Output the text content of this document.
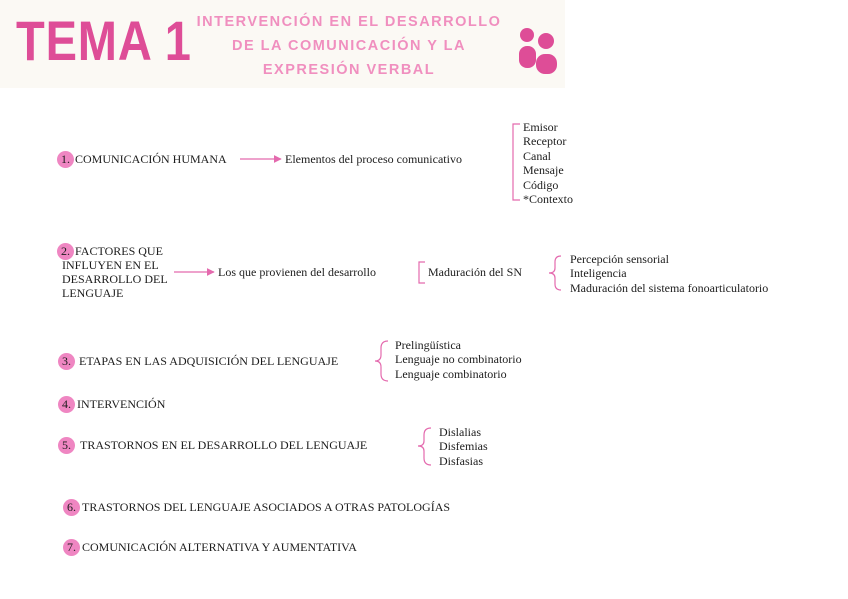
TEMA 1 INTERVENCIÓN EN EL DESARROLLO
DE LA COMUNICACIÓN Y LA
EXPRESIÓN VERBAL
1. COMUNICACIÓN HUMANA	Elementos del proceso comunicativo
Emisor
Receptor
Canal
Mensaje
Código
*Contexto
2. FACTORES QUE
INFLUYEN EN EL
DESARROLLO DEL
LENGUAJE
Los que provienen del desarrollo	Maduración del SN
Percepción sensorial
Inteligencia
Maduración del sistema fonoarticulatorio
3. ETAPAS EN LAS ADQUISICIÓN DEL LENGUAJE
Prelingüística
Lenguaje no combinatorio
Lenguaje combinatorio
4. INTERVENCIÓN
5. TRASTORNOS EN EL DESARROLLO DEL LENGUAJE
Dislalias
Disfemias
Disfasias
6. TRASTORNOS DEL LENGUAJE ASOCIADOS A OTRAS PATOLOGÍAS
7. COMUNICACIÓN ALTERNATIVA Y AUMENTATIVA
